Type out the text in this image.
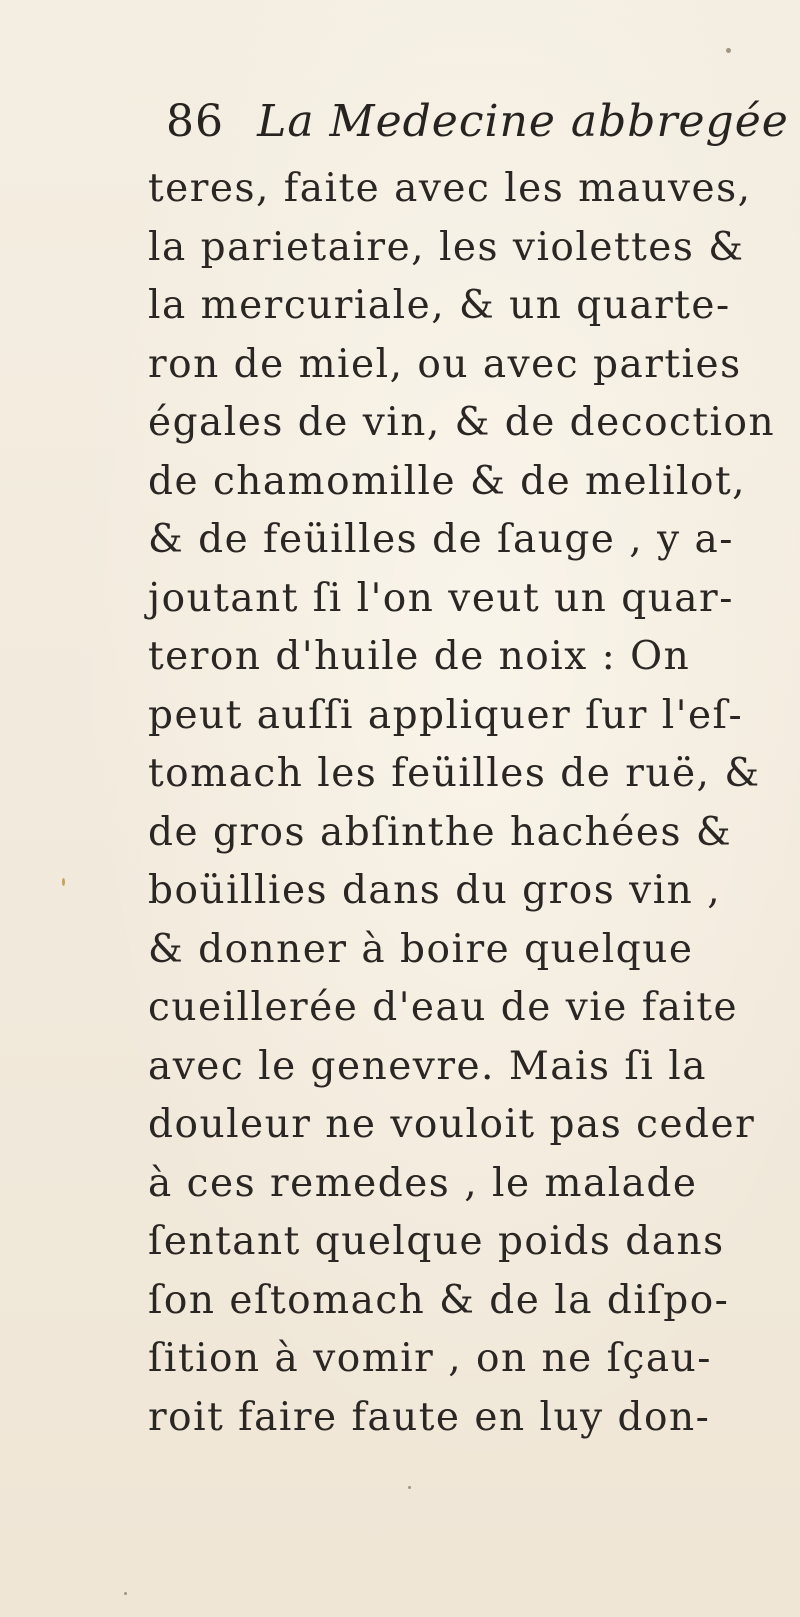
86 La Medecine abbregée
teres, faite avec les mauves,
la parietaire, les violettes &
la mercuriale, & un quarte-
ron de miel, ou avec parties
égales de vin, & de decoction
de chamomille & de melilot,
& de feüilles de ſauge , y a-
joutant ſi l'on veut un quar-
teron d'huile de noix : On
peut auſſi appliquer ſur l'eſ-
tomach les feüilles de ruë, &
de gros abſinthe hachées &
boüillies dans du gros vin ,
& donner à boire quelque
cueillerée d'eau de vie faite
avec le genevre. Mais ſi la
douleur ne vouloit pas ceder
à ces remedes , le malade
ſentant quelque poids dans
ſon eſtomach & de la diſpo-
ſition à vomir , on ne ſçau-
roit faire faute en luy don-
